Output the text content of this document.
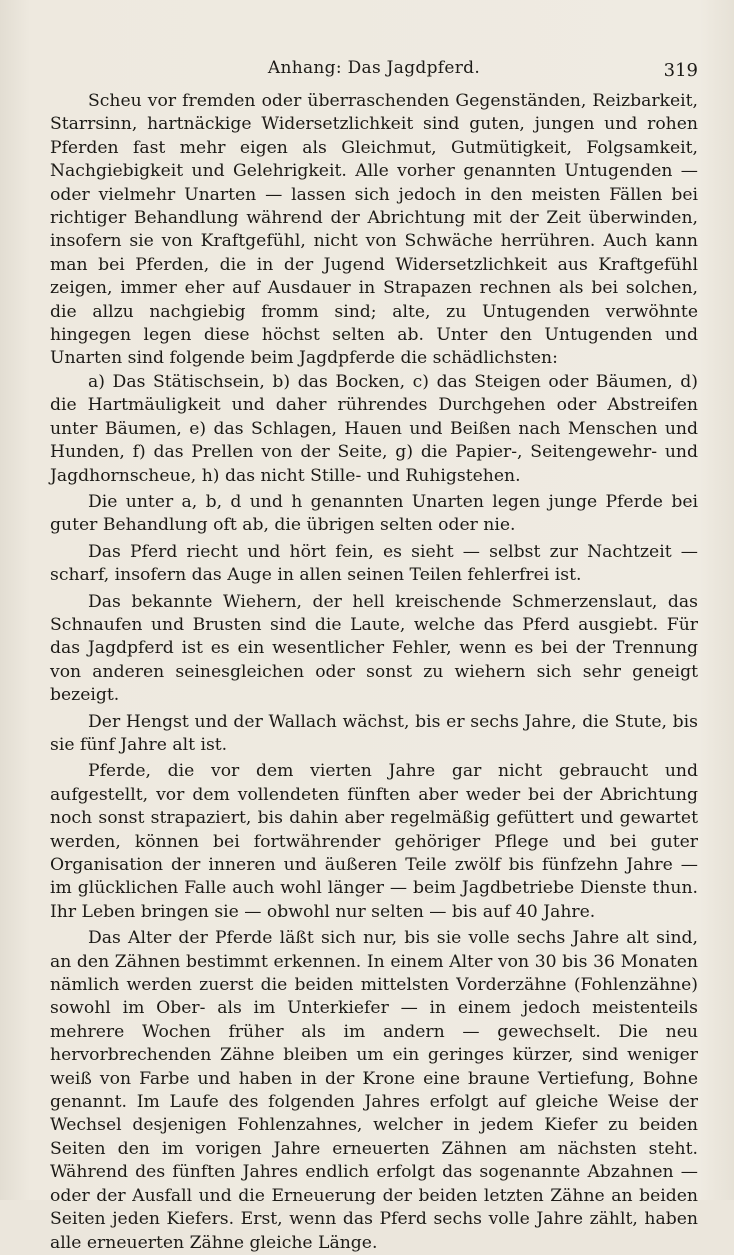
Anhang: Das Jagdpferd.	319

Scheu vor fremden oder überraschenden Gegenständen, Reizbarkeit, Starrsinn, hartnäckige Widersetzlichkeit sind guten, jungen und rohen Pferden fast mehr eigen als Gleichmut, Gutmütigkeit, Folgsamkeit, Nachgiebigkeit und Gelehrigkeit. Alle vorher genannten Untugenden — oder vielmehr Unarten — lassen sich jedoch in den meisten Fällen bei richtiger Behandlung während der Abrichtung mit der Zeit überwinden, insofern sie von Kraftgefühl, nicht von Schwäche herrühren. Auch kann man bei Pferden, die in der Jugend Widersetzlichkeit aus Kraftgefühl zeigen, immer eher auf Ausdauer in Strapazen rechnen als bei solchen, die allzu nachgiebig fromm sind; alte, zu Untugenden verwöhnte hingegen legen diese höchst selten ab. Unter den Untugenden und Unarten sind folgende beim Jagdpferde die schädlichsten:

a) Das Stätischsein, b) das Bocken, c) das Steigen oder Bäumen, d) die Hartmäuligkeit und daher rührendes Durchgehen oder Abstreifen unter Bäumen, e) das Schlagen, Hauen und Beißen nach Menschen und Hunden, f) das Prellen von der Seite, g) die Papier-, Seitengewehr- und Jagdhornscheue, h) das nicht Stille- und Ruhigstehen.

Die unter a, b, d und h genannten Unarten legen junge Pferde bei guter Behandlung oft ab, die übrigen selten oder nie.

Das Pferd riecht und hört fein, es sieht — selbst zur Nachtzeit — scharf, insofern das Auge in allen seinen Teilen fehlerfrei ist.

Das bekannte Wiehern, der hell kreischende Schmerzenslaut, das Schnaufen und Brusten sind die Laute, welche das Pferd ausgiebt. Für das Jagdpferd ist es ein wesentlicher Fehler, wenn es bei der Trennung von anderen seinesgleichen oder sonst zu wiehern sich sehr geneigt bezeigt.

Der Hengst und der Wallach wächst, bis er sechs Jahre, die Stute, bis sie fünf Jahre alt ist.

Pferde, die vor dem vierten Jahre gar nicht gebraucht und aufgestellt, vor dem vollendeten fünften aber weder bei der Abrichtung noch sonst strapaziert, bis dahin aber regelmäßig gefüttert und gewartet werden, können bei fortwährender gehöriger Pflege und bei guter Organisation der inneren und äußeren Teile zwölf bis fünfzehn Jahre — im glücklichen Falle auch wohl länger — beim Jagdbetriebe Dienste thun. Ihr Leben bringen sie — obwohl nur selten — bis auf 40 Jahre.

Das Alter der Pferde läßt sich nur, bis sie volle sechs Jahre alt sind, an den Zähnen bestimmt erkennen. In einem Alter von 30 bis 36 Monaten nämlich werden zuerst die beiden mittelsten Vorderzähne (Fohlenzähne) sowohl im Ober- als im Unterkiefer — in einem jedoch meistenteils mehrere Wochen früher als im andern — gewechselt. Die neu hervorbrechenden Zähne bleiben um ein geringes kürzer, sind weniger weiß von Farbe und haben in der Krone eine braune Vertiefung, Bohne genannt. Im Laufe des folgenden Jahres erfolgt auf gleiche Weise der Wechsel desjenigen Fohlenzahnes, welcher in jedem Kiefer zu beiden Seiten den im vorigen Jahre erneuerten Zähnen am nächsten steht. Während des fünften Jahres endlich erfolgt das sogenannte Abzahnen — oder der Ausfall und die Erneuerung der beiden letzten Zähne an beiden Seiten jeden Kiefers. Erst, wenn das Pferd sechs volle Jahre zählt, haben alle erneuerten Zähne gleiche Länge.
